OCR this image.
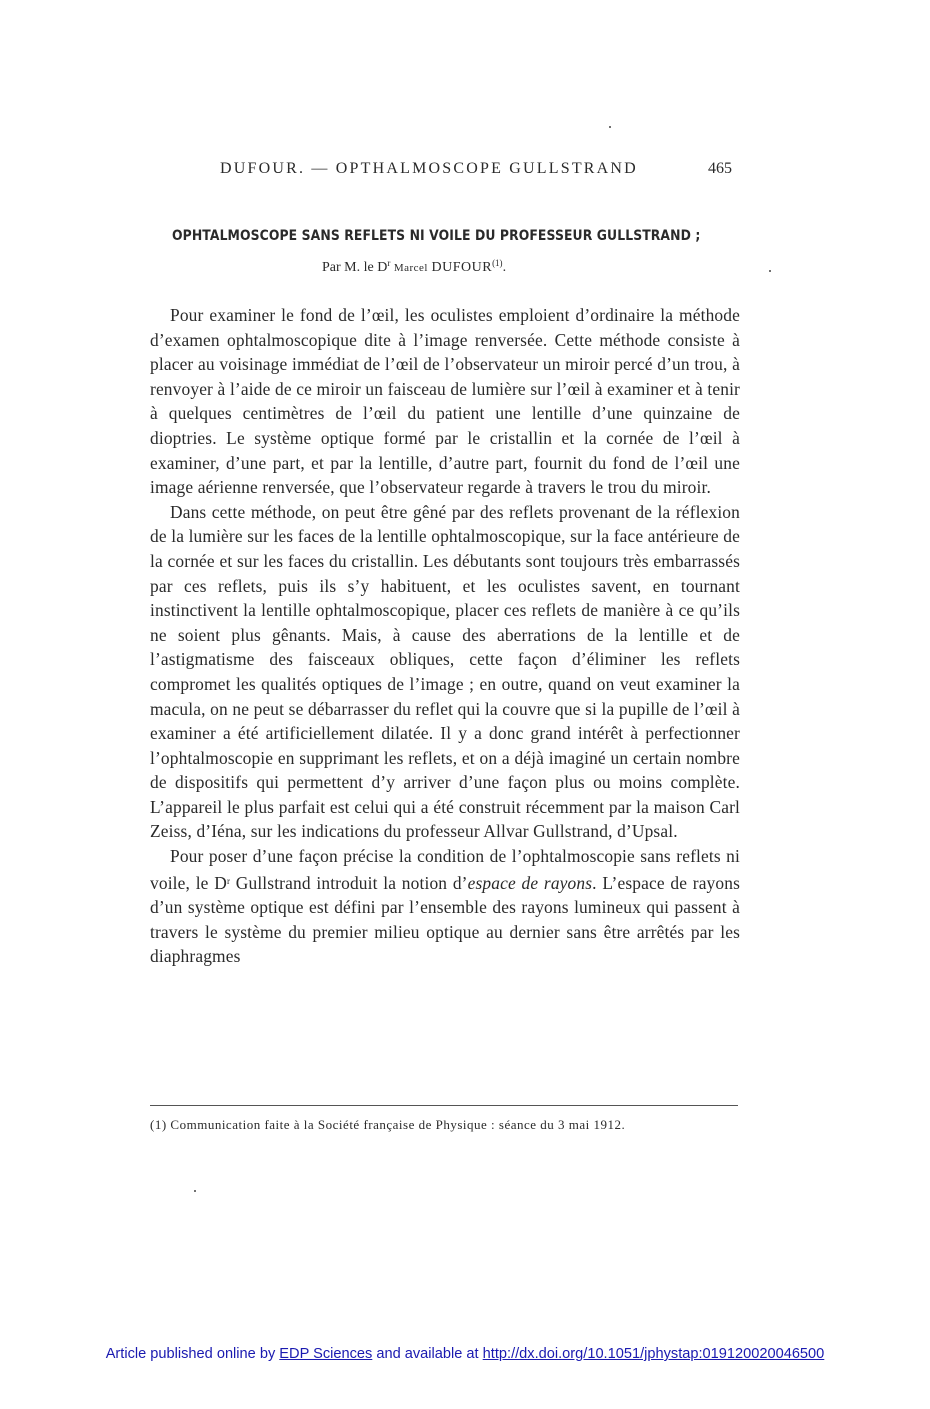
DUFOUR. — OPTHALMOSCOPE GULLSTRAND	465
OPHTALMOSCOPE SANS REFLETS NI VOILE DU PROFESSEUR GULLSTRAND ;
Par M. le $D^r$ Marcel DUFOUR$^{(1)}$.

Pour examiner le fond de l’œil, les oculistes emploient d’ordinaire la méthode d’examen ophtalmoscopique dite à l’image renversée. Cette méthode consiste à placer au voisinage immédiat de l’œil de l’observateur un miroir percé d’un trou, à renvoyer à l’aide de ce miroir un faisceau de lumière sur l’œil à examiner et à tenir à quelques centimètres de l’œil du patient une lentille d’une quinzaine de dioptries. Le système optique formé par le cristallin et la cornée de l’œil à examiner, d’une part, et par la lentille, d’autre part, fournit du fond de l’œil une image aérienne renversée, que l’observateur regarde à travers le trou du miroir.

Dans cette méthode, on peut être gêné par des reflets provenant de la réflexion de la lumière sur les faces de la lentille ophtalmoscopique, sur la face antérieure de la cornée et sur les faces du cristallin. Les débutants sont toujours très embarrassés par ces reflets, puis ils s’y habituent, et les oculistes savent, en tournant instinctivent la lentille ophtalmoscopique, placer ces reflets de manière à ce qu’ils ne soient plus gênants. Mais, à cause des aberrations de la lentille et de l’astigmatisme des faisceaux obliques, cette façon d’éliminer les reflets compromet les qualités optiques de l’image ; en outre, quand on veut examiner la macula, on ne peut se débarrasser du reflet qui la couvre que si la pupille de l’œil à examiner a été artificiellement dilatée. Il y a donc grand intérêt à perfectionner l’ophtalmoscopie en supprimant les reflets, et on a déjà imaginé un certain nombre de dispositifs qui permettent d’y arriver d’une façon plus ou moins complète. L’appareil le plus parfait est celui qui a été construit récemment par la maison Carl Zeiss, d’Iéna, sur les indications du professeur Allvar Gullstrand, d’Upsal.

Pour poser d’une façon précise la condition de l’ophtalmoscopie sans reflets ni voile, le $D^r$ Gullstrand introduit la notion d’espace de rayons. L’espace de rayons d’un système optique est défini par l’ensemble des rayons lumineux qui passent à travers le système du premier milieu optique au dernier sans être arrêtés par les diaphragmes

(1) Communication faite à la Société française de Physique : séance du 3 mai 1912.
Article published online by EDP Sciences and available at http://dx.doi.org/10.1051/jphystap:019120020046500
